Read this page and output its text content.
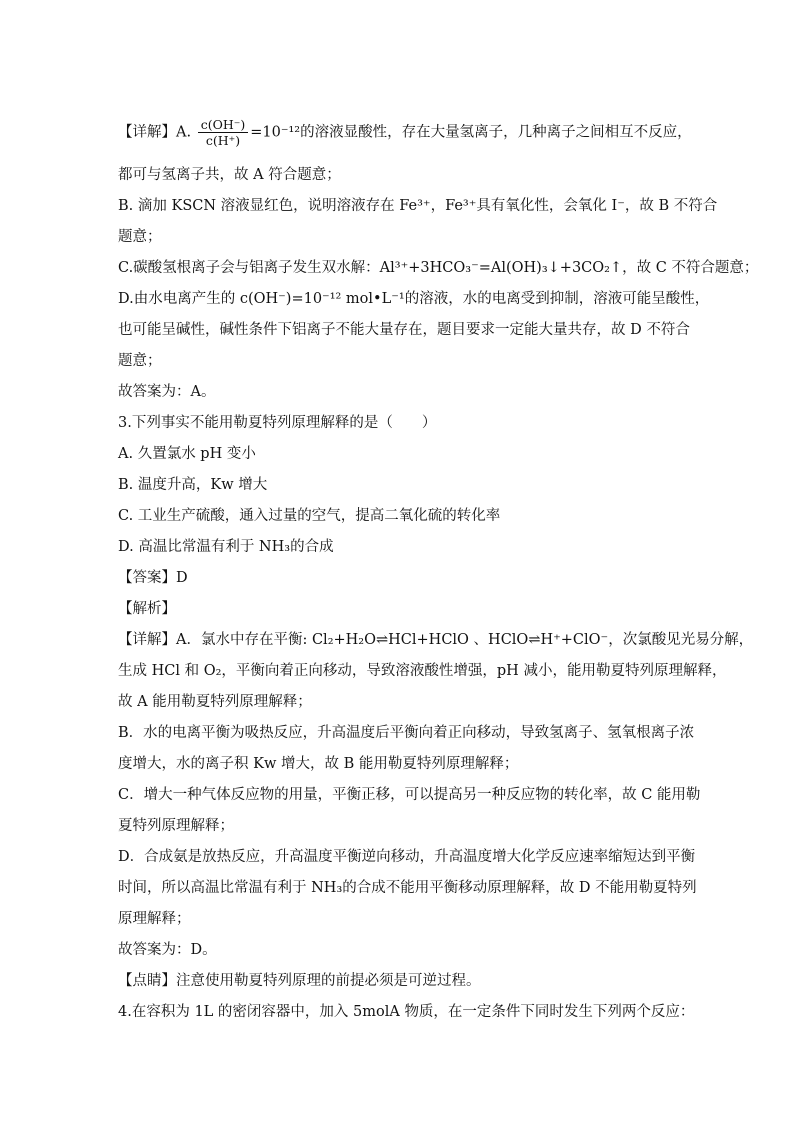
【详解】A. $\frac{c(OH^-)}{c(H^+)} =10^{-12}$的溶液显酸性，存在大量氢离子，几种离子之间相互不反应，
都可与氢离子共，故 A 符合题意；
B. 滴加 KSCN 溶液显红色，说明溶液存在 Fe³⁺，Fe³⁺具有氧化性，会氧化 I⁻，故 B 不符合
题意；
C.碳酸氢根离子会与铝离子发生双水解：Al³⁺+3HCO₃⁻=Al(OH)₃↓+3CO₂↑，故 C 不符合题意；
D.由水电离产生的 c(OH⁻)=10⁻¹² mol•L⁻¹的溶液，水的电离受到抑制，溶液可能呈酸性，
也可能呈碱性，碱性条件下铝离子不能大量存在，题目要求一定能大量共存，故 D 不符合
题意；
故答案为：A。
3.下列事实不能用勒夏特列原理解释的是（　　）
A. 久置氯水 pH 变小
B. 温度升高，Kw 增大
C. 工业生产硫酸，通入过量的空气，提高二氧化硫的转化率
D. 高温比常温有利于 NH₃的合成
【答案】D
【解析】
【详解】A．氯水中存在平衡: Cl₂+H₂O⇌HCl+HClO 、HClO⇌H⁺+ClO⁻，次氯酸见光易分解，
生成 HCl 和 O₂，平衡向着正向移动，导致溶液酸性增强，pH 减小，能用勒夏特列原理解释，
故 A 能用勒夏特列原理解释；
B．水的电离平衡为吸热反应，升高温度后平衡向着正向移动，导致氢离子、氢氧根离子浓
度增大，水的离子积 Kw 增大，故 B 能用勒夏特列原理解释；
C．增大一种气体反应物的用量，平衡正移，可以提高另一种反应物的转化率，故 C 能用勒
夏特列原理解释；
D．合成氨是放热反应，升高温度平衡逆向移动，升高温度增大化学反应速率缩短达到平衡
时间，所以高温比常温有利于 NH₃的合成不能用平衡移动原理解释，故 D 不能用勒夏特列
原理解释；
故答案为：D。
【点睛】注意使用勒夏特列原理的前提必须是可逆过程。
4.在容积为 1L 的密闭容器中，加入 5molA 物质，在一定条件下同时发生下列两个反应：
